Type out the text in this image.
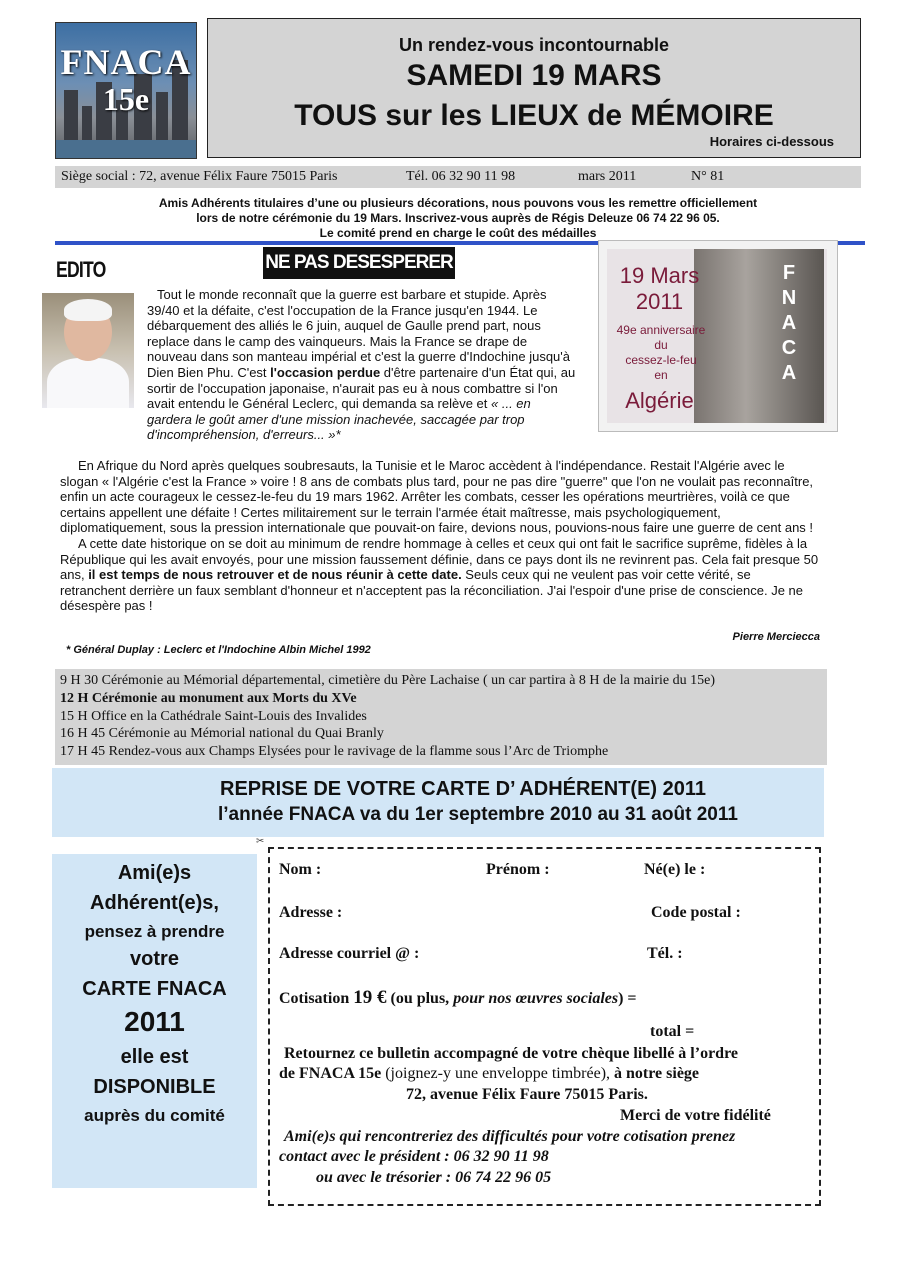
FNACA
15e
Un rendez-vous incontournable
SAMEDI 19 MARS
TOUS sur les LIEUX de MÉMOIRE
Horaires ci-dessous
Siège social : 72, avenue Félix Faure 75015 Paris	Tél. 06 32 90 11 98	mars 2011	N° 81
Amis Adhérents titulaires d’une ou plusieurs décorations, nous pouvons vous les remettre officiellement
lors de notre cérémonie du 19 Mars. Inscrivez-vous auprès de Régis Deleuze 06 74 22 96 05.
Le comité prend en charge le coût des médailles
EDITO	NE PAS DESESPERER

Tout le monde reconnaît que la guerre est barbare et stupide. Après 39/40 et la défaite, c'est l'occupation de la France jusqu'en 1944. Le débarquement des alliés le 6 juin, auquel de Gaulle prend part, nous replace dans le camp des vainqueurs. Mais la France se drape de nouveau dans son manteau impérial et c'est la guerre d'Indochine jusqu'à Dien Bien Phu. C'est l'occasion perdue d'être partenaire d'un État qui, au sortir de l'occupation japonaise, n'aurait pas eu à nous combattre si l'on avait entendu le Général Leclerc, qui demanda sa relève et « ... en gardera le goût amer d'une mission inachevée, saccagée par trop d'incompréhension, d'erreurs... »*

F
N
A
C
A
19 Mars
2011
49e anniversaire
du
cessez-le-feu
en
Algérie

En Afrique du Nord après quelques soubresauts, la Tunisie et le Maroc accèdent à l'indépendance. Restait l'Algérie avec le slogan « l'Algérie c'est la France » voire ! 8 ans de combats plus tard, pour ne pas dire "guerre" que l'on ne voulait pas reconnaître, enfin un acte courageux le cessez-le-feu du 19 mars 1962. Arrêter les combats, cesser les opérations meurtrières, voilà ce que certains appellent une défaite ! Certes militairement sur le terrain l'armée était maîtresse, mais psychologiquement, diplomatiquement, sous la pression internationale que pouvait-on faire, devions nous, pouvions-nous faire une guerre de cent ans !

A cette date historique on se doit au minimum de rendre hommage à celles et ceux qui ont fait le sacrifice suprême, fidèles à la République qui les avait envoyés, pour une mission faussement définie, dans ce pays dont ils ne revinrent pas. Cela fait presque 50 ans, il est temps de nous retrouver et de nous réunir à cette date. Seuls ceux qui ne veulent pas voir cette vérité, se retranchent derrière un faux semblant d'honneur et n'acceptent pas la réconciliation. J'ai l'espoir d'une prise de conscience. Je ne désespère pas !

Pierre Merciecca
* Général Duplay : Leclerc et l'Indochine Albin Michel 1992
9 H 30 Cérémonie au Mémorial départemental, cimetière du Père Lachaise ( un car partira à 8 H de la mairie du 15e)
12 H Cérémonie au monument aux Morts du XVe
15 H Office en la Cathédrale Saint-Louis des Invalides
16 H 45 Cérémonie au Mémorial national du Quai Branly
17 H 45 Rendez-vous aux Champs Elysées pour le ravivage de la flamme sous l’Arc de Triomphe
REPRISE DE VOTRE CARTE D’ ADHÉRENT(E) 2011
l’année FNACA va du 1er septembre 2010 au 31 août 2011
✂
Ami(e)s
Adhérent(e)s,
pensez à prendre
votre
CARTE FNACA
2011
elle est
DISPONIBLE
auprès du comité
Nom :	Prénom :	Né(e) le :
Adresse :	Code postal :
Adresse courriel @ :	Tél. :
Cotisation 19 € (ou plus, pour nos œuvres sociales) =
total =
Retournez ce bulletin accompagné de votre chèque libellé à l’ordre
de FNACA 15e (joignez-y une enveloppe timbrée), à notre siège
72, avenue Félix Faure 75015 Paris.
Merci de votre fidélité
Ami(e)s qui rencontreriez des difficultés pour votre cotisation prenez
contact avec le président : 06 32 90 11 98
ou avec le trésorier : 06 74 22 96 05
